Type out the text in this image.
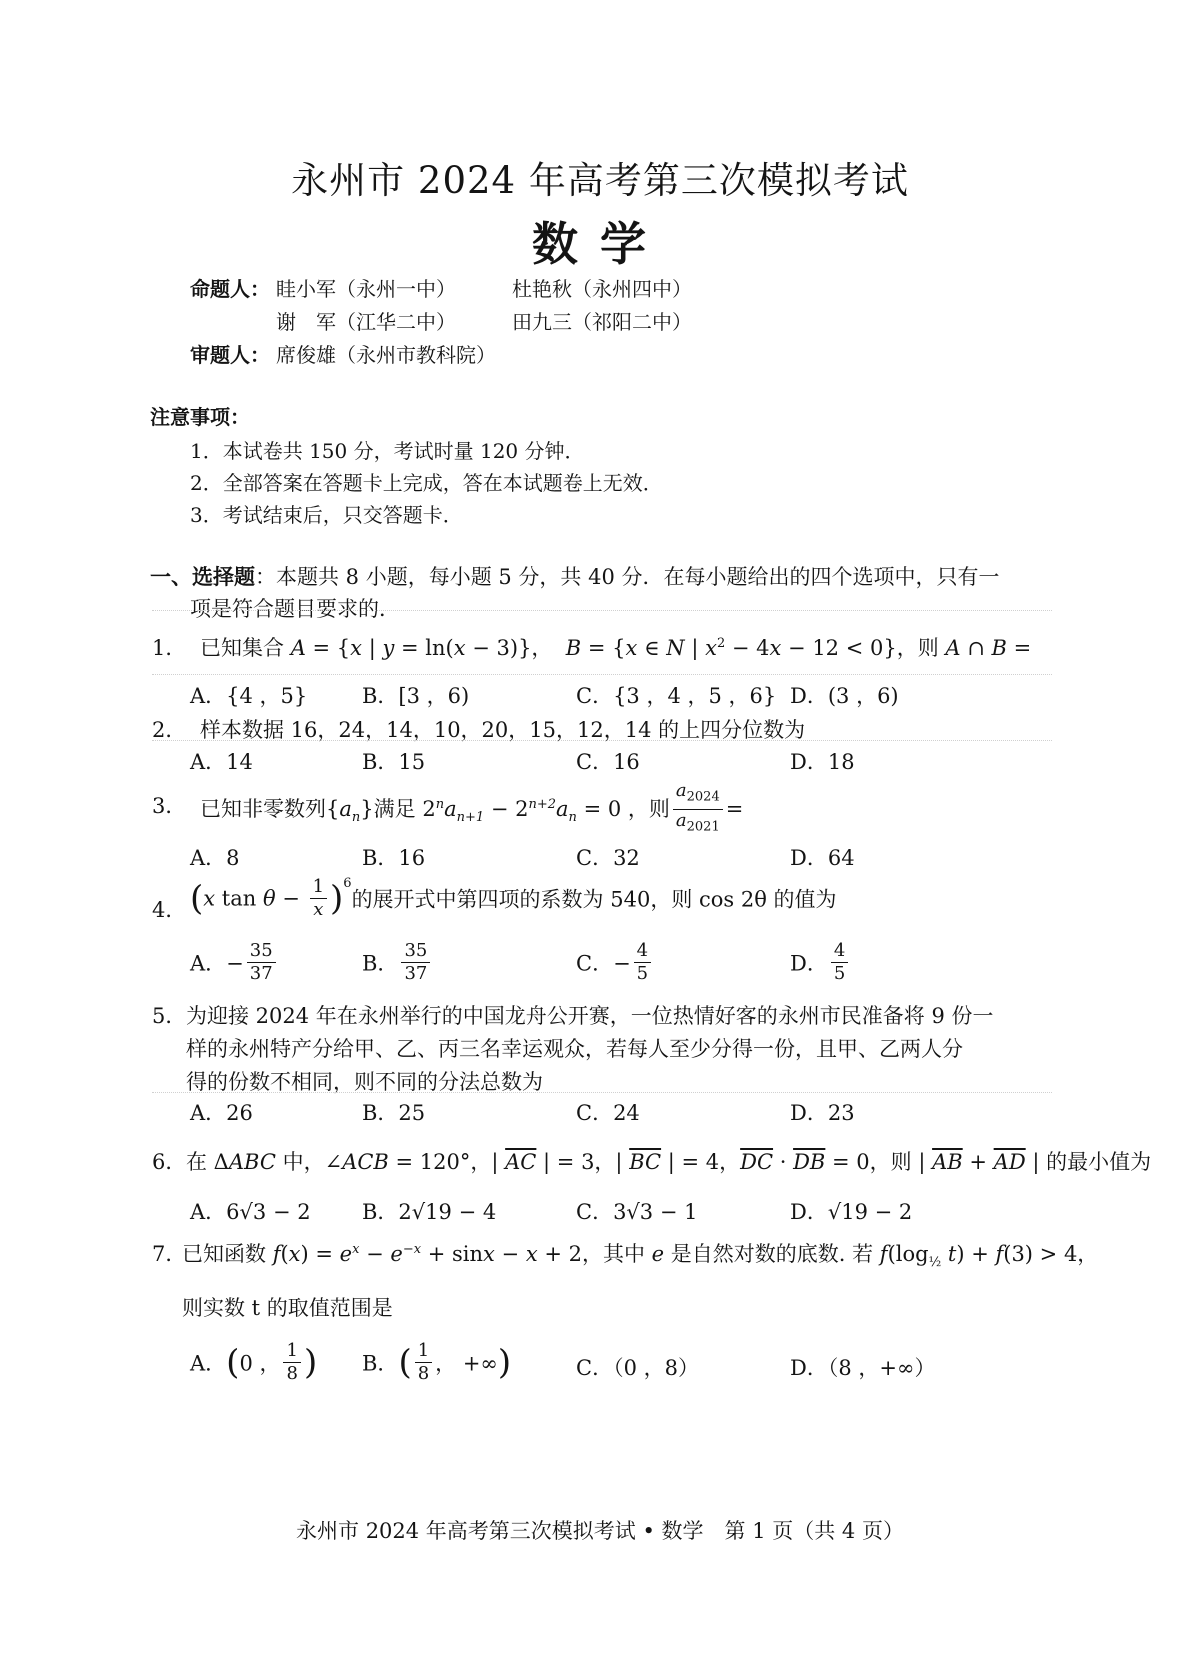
永州市 2024 年高考第三次模拟考试
数学
命题人： 眭小军（永州一中）	杜艳秋（永州四中）
谢　军（江华二中）	田九三（祁阳二中）
审题人： 席俊雄（永州市教科院）
注意事项：
1．本试卷共 150 分，考试时量 120 分钟．
2．全部答案在答题卡上完成，答在本试题卷上无效．
3．考试结束后，只交答题卡．
一、选择题：本题共 8 小题，每小题 5 分，共 40 分．在每小题给出的四个选项中，只有一
项是符合题目要求的．
1． 已知集合 A = {x | y = ln(x − 3)}，  B = {x ∈ N | $x^2 - 4x - 12 < 0$}，则 A ∩ B =
A．{4 ，5}	B．[3 ，6)	C．{3 ，4 ，5 ，6} D．(3 ，6)
2． 样本数据 16，24，14，10，20，15，12，14 的上四分位数为
A．14	B．15	C．16	D．18
3． 已知非零数列$\{a_n\}$满足 $2^na_{n+1} - 2^{n+2}a_n = 0$ ，则 $\frac{a_{2024}}{a_{2021}}$ =
A．8	B．16	C．32	D．64
4． (x $\tan \theta - \frac{1}{x} )^6$的展开式中第四项的系数为 540，则 cos 2θ 的值为
A．− $\frac{35}{37}$	B． $\frac{35}{37}$	C．− $\frac{4}{5}$	D． $\frac{4}{5}$
5． 为迎接 2024 年在永州举行的中国龙舟公开赛，一位热情好客的永州市民准备将 9 份一
样的永州特产分给甲、乙、丙三名幸运观众，若每人至少分得一份，且甲、乙两人分
得的份数不相同，则不同的分法总数为
A．26	B．25	C．24	D．23
6． 在 ΔABC 中，∠ACB = 120°，| $\overline{AC}$ | = 3，| $\overline{BC}$ | = 4，$\overline{DC} \cdot \overline{DB} = 0$，则 | $\overline{AB} + \overline{AD}$ | 的最小值为
A．6√3 − 2 B．2√19 − 4	C．3√3 − 1	D．√19 − 2
7．
已知函数 $f(x) = e^x - e^{-x} + \sin x - x + 2$，其中 e 是自然对数的底数. 若 $f(\log_{\frac{1}{2}}$ t) + f(3) > 4，
则实数 t 的取值范围是
A．(0 ， $\frac{1}{8}$ ) B．( $\frac{1}{8}$ ， +∞)	C．（0 ，8）	D．（8 ，+∞）
永州市 2024 年高考第三次模拟考试 • 数学　第 1 页（共 4 页）
